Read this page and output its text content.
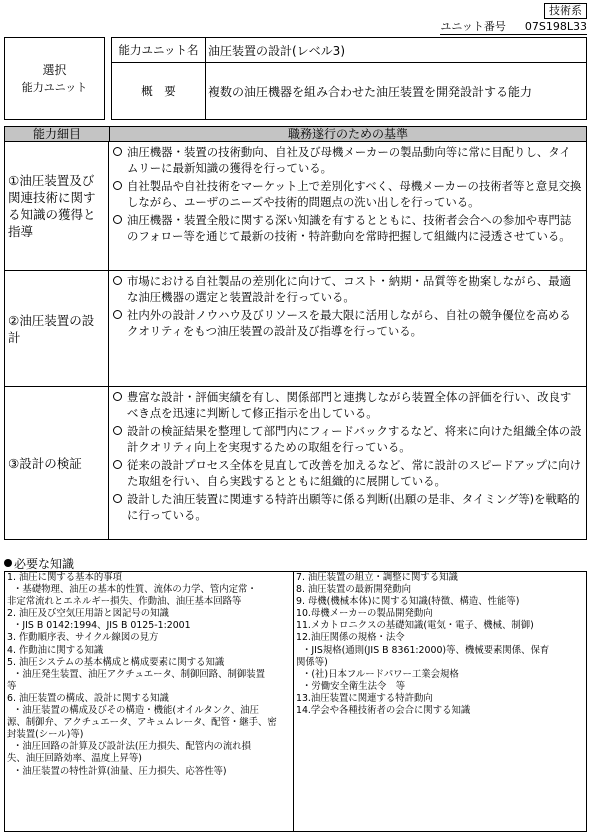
技術系
ユニット番号 07S198L33
選択
能力ユニット
能力ユニット名 油圧装置の設計(レベル3)
概　要	複数の油圧機器を組み合わせた油圧装置を開発設計する能力
能力細目	職務遂行のための基準
①油圧装置及び関連技術に関する知識の獲得と指導
油圧機器・装置の技術動向、自社及び母機メーカーの製品動向等に常に目配りし、タイムリーに最新知識の獲得を行っている。
自社製品や自社技術をマーケット上で差別化すべく、母機メーカーの技術者等と意見交換しながら、ユーザのニーズや技術的問題点の洗い出しを行っている。
油圧機器・装置全般に関する深い知識を有するとともに、技術者会合への参加や専門誌のフォロー等を通じて最新の技術・特許動向を常時把握して組織内に浸透させている。
②油圧装置の設計
市場における自社製品の差別化に向けて、コスト・納期・品質等を勘案しながら、最適な油圧機器の選定と装置設計を行っている。
社内外の設計ノウハウ及びリソースを最大限に活用しながら、自社の競争優位を高めるクオリティをもつ油圧装置の設計及び指導を行っている。
③設計の検証
豊富な設計・評価実績を有し、関係部門と連携しながら装置全体の評価を行い、改良すべき点を迅速に判断して修正指示を出している。
設計の検証結果を整理して部門内にフィードバックするなど、将来に向けた組織全体の設計クオリティ向上を実現するための取組を行っている。
従来の設計プロセス全体を見直して改善を加えるなど、常に設計のスピードアップに向けた取組を行い、自ら実践するとともに組織的に展開している。
設計した油圧装置に関連する特許出願等に係る判断(出願の是非、タイミング等)を戦略的に行っている。
必要な知識
1. 油圧に関する基本的事項
・基礎物理、油圧の基本的性質、流体の力学、管内定常・
非定常流れとエネルギー損失、作動油、油圧基本回路等
2. 油圧及び空気圧用語と図記号の知識
・JIS B 0142:1994、JIS B 0125-1:2001
3. 作動順序表、サイクル線図の見方
4. 作動油に関する知識
5. 油圧システムの基本構成と構成要素に関する知識
・油圧発生装置、油圧アクチュエータ、制御回路、制御装置
等
6. 油圧装置の構成、設計に関する知識
・油圧装置の構成及びその構造・機能(オイルタンク、油圧
源、制御弁、アクチュエータ、アキュムレータ、配管・継手、密
封装置(シール)等)
・油圧回路の計算及び設計法(圧力損失、配管内の流れ損
失、油圧回路効率、温度上昇等)
・油圧装置の特性計算(油量、圧力損失、応答性等)
7. 油圧装置の組立・調整に関する知識
8. 油圧装置の最新開発動向
9. 母機(機械本体)に関する知識(特徴、構造、性能等)
10.母機メーカーの製品開発動向
11.メカトロニクスの基礎知識(電気・電子、機械、制御)
12.油圧関係の規格・法令
・JIS規格(通則(JIS B 8361:2000)等、機械要素関係、保育
関係等)
・(社)日本フルードパワー工業会規格
・労働安全衛生法令　等
13.油圧装置に関連する特許動向
14.学会や各種技術者の会合に関する知識
